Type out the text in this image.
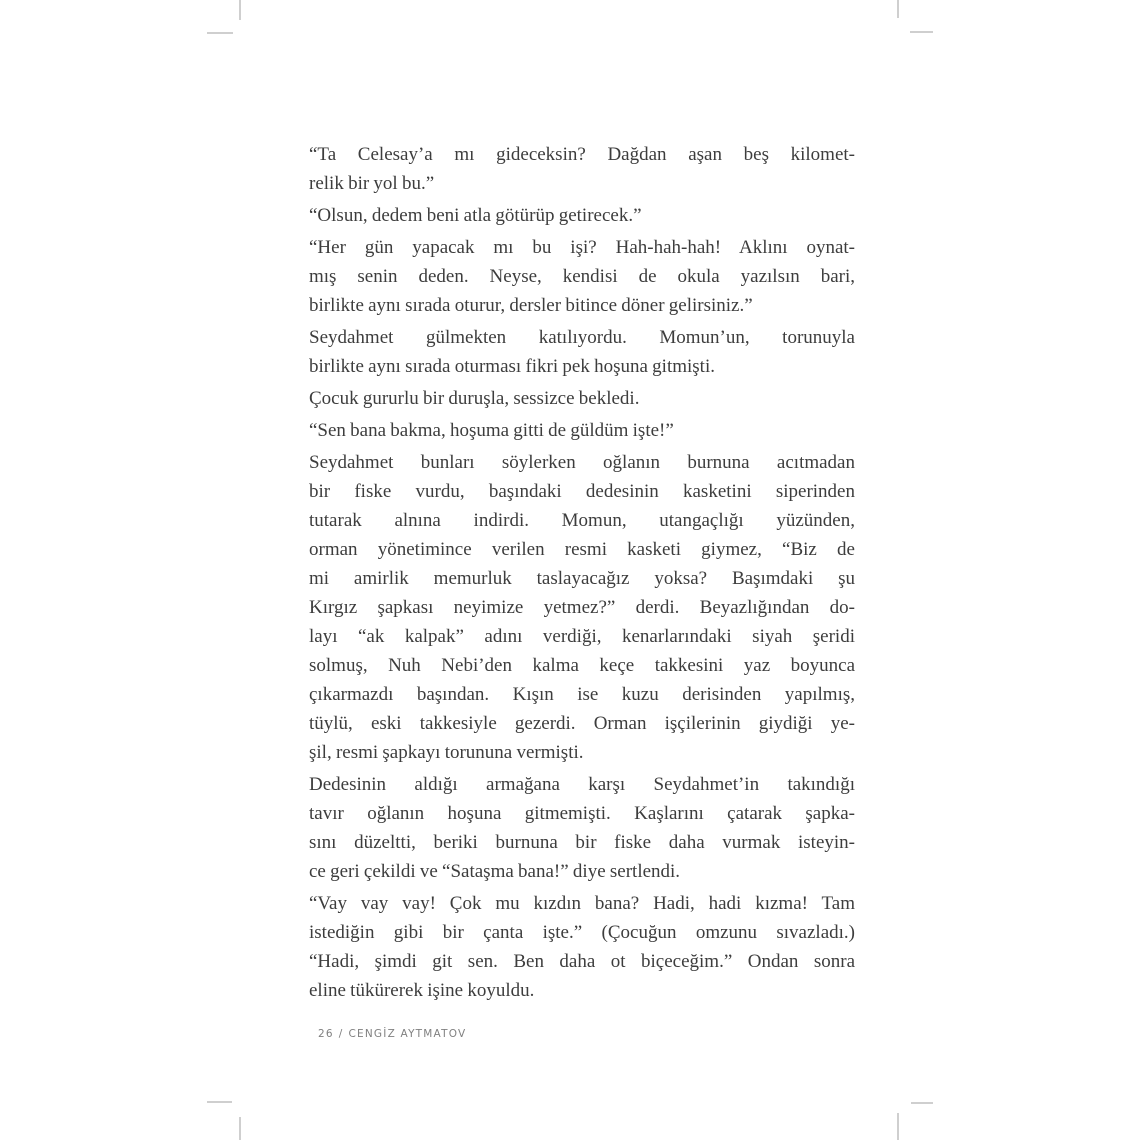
“Ta Celesay’a mı gideceksin? Dağdan aşan beş kilomet-
relik bir yol bu.”
“Olsun, dedem beni atla götürüp getirecek.”
“Her gün yapacak mı bu işi? Hah-hah-hah! Aklını oynat-
mış senin deden. Neyse, kendisi de okula yazılsın bari,
birlikte aynı sırada oturur, dersler bitince döner gelirsiniz.”
Seydahmet gülmekten katılıyordu. Momun’un, torunuyla
birlikte aynı sırada oturması fikri pek hoşuna gitmişti.
Çocuk gururlu bir duruşla, sessizce bekledi.
“Sen bana bakma, hoşuma gitti de güldüm işte!”
Seydahmet bunları söylerken oğlanın burnuna acıtmadan
bir fiske vurdu, başındaki dedesinin kasketini siperinden
tutarak alnına indirdi. Momun, utangaçlığı yüzünden,
orman yönetimince verilen resmi kasketi giymez, “Biz de
mi amirlik memurluk taslayacağız yoksa? Başımdaki şu
Kırgız şapkası neyimize yetmez?” derdi. Beyazlığından do-
layı “ak kalpak” adını verdiği, kenarlarındaki siyah şeridi
solmuş, Nuh Nebi’den kalma keçe takkesini yaz boyunca
çıkarmazdı başından. Kışın ise kuzu derisinden yapılmış,
tüylü, eski takkesiyle gezerdi. Orman işçilerinin giydiği ye-
şil, resmi şapkayı torununa vermişti.
Dedesinin aldığı armağana karşı Seydahmet’in takındığı
tavır oğlanın hoşuna gitmemişti. Kaşlarını çatarak şapka-
sını düzeltti, beriki burnuna bir fiske daha vurmak isteyin-
ce geri çekildi ve “Sataşma bana!” diye sertlendi.
“Vay vay vay! Çok mu kızdın bana? Hadi, hadi kızma! Tam
istediğin gibi bir çanta işte.” (Çocuğun omzunu sıvazladı.)
“Hadi, şimdi git sen. Ben daha ot biçeceğim.” Ondan sonra
eline tükürerek işine koyuldu.
26 / CENGİZ AYTMATOV
